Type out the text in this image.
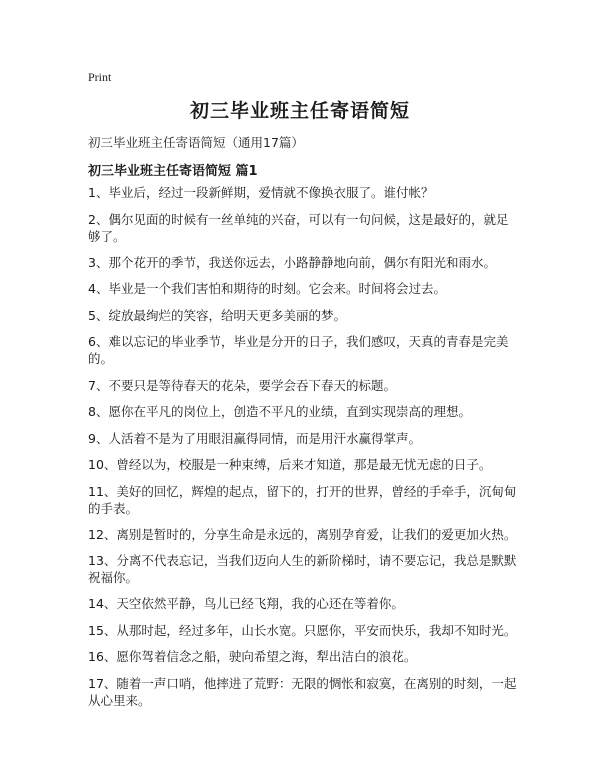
Print
初三毕业班主任寄语简短
初三毕业班主任寄语简短（通用17篇）
初三毕业班主任寄语简短 篇1
1、毕业后，经过一段新鲜期，爱情就不像换衣服了。谁付帐？
2、偶尔见面的时候有一丝单纯的兴奋，可以有一句问候，这是最好的，就足够了。
3、那个花开的季节，我送你远去，小路静静地向前，偶尔有阳光和雨水。
4、毕业是一个我们害怕和期待的时刻。它会来。时间将会过去。
5、绽放最绚烂的笑容，给明天更多美丽的梦。
6、难以忘记的毕业季节，毕业是分开的日子，我们感叹，天真的青春是完美的。
7、不要只是等待春天的花朵，要学会吞下春天的标题。
8、愿你在平凡的岗位上，创造不平凡的业绩，直到实现崇高的理想。
9、人活着不是为了用眼泪赢得同情，而是用汗水赢得掌声。
10、曾经以为，校服是一种束缚，后来才知道，那是最无忧无虑的日子。
11、美好的回忆，辉煌的起点，留下的，打开的世界，曾经的手牵手，沉甸甸的手表。
12、离别是暂时的，分享生命是永远的，离别孕育爱，让我们的爱更加火热。
13、分离不代表忘记，当我们迈向人生的新阶梯时，请不要忘记，我总是默默祝福你。
14、天空依然平静，鸟儿已经飞翔，我的心还在等着你。
15、从那时起，经过多年，山长水宽。只愿你，平安而快乐，我却不知时光。
16、愿你驾着信念之船，驶向希望之海，犁出洁白的浪花。
17、随着一声口哨，他摔进了荒野：无限的惆怅和寂寞，在离别的时刻，一起从心里来。
